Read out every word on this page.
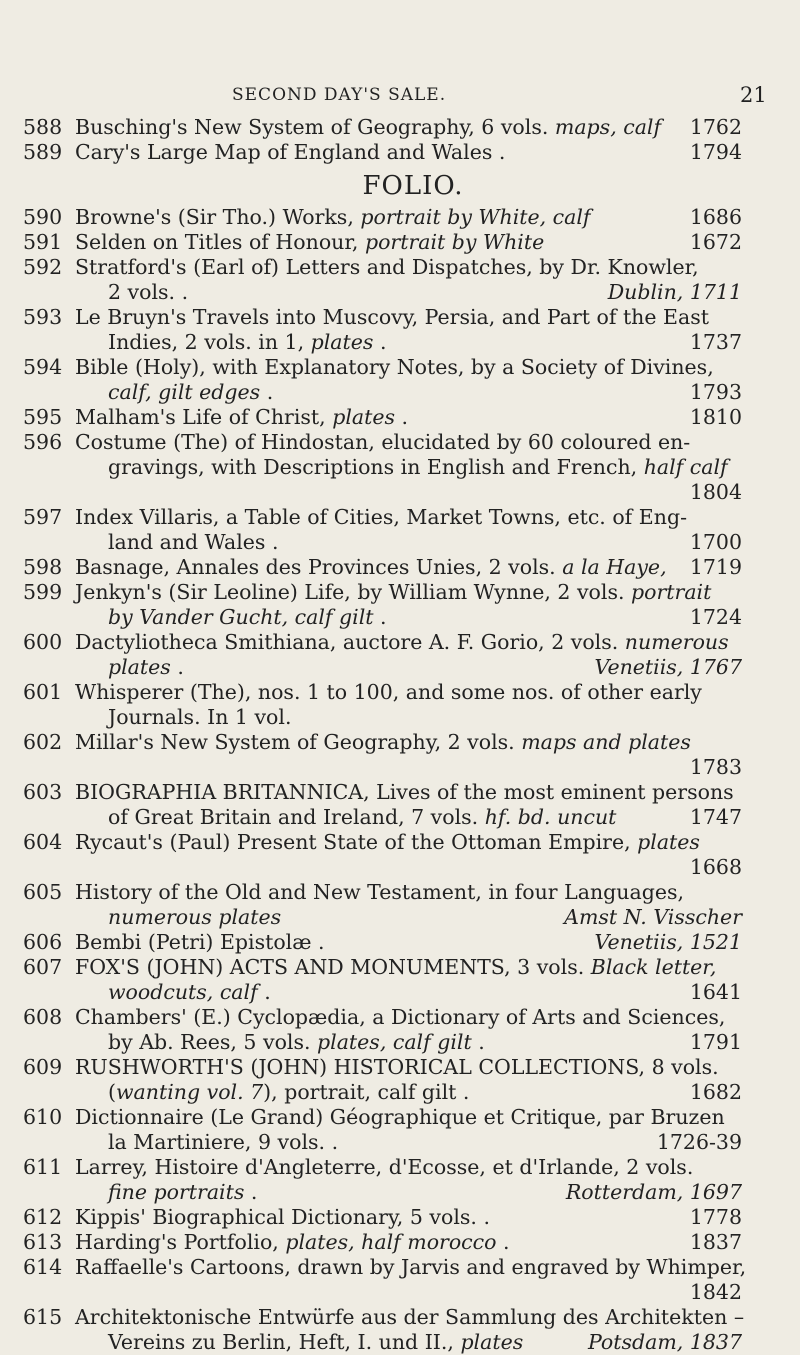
SECOND DAY'S SALE.	21
588 Busching's New System of Geography, 6 vols. maps, calf 1762
589 Cary's Large Map of England and Wales .	1794
FOLIO.
590 Browne's (Sir Tho.) Works, portrait by White, calf	1686
591 Selden on Titles of Honour, portrait by White	1672
592 Stratford's (Earl of) Letters and Dispatches, by Dr. Knowler,
2 vols. .	Dublin, 1711
593 Le Bruyn's Travels into Muscovy, Persia, and Part of the East
Indies, 2 vols. in 1, plates .	1737
594 Bible (Holy), with Explanatory Notes, by a Society of Divines,
calf, gilt edges .	1793
595 Malham's Life of Christ, plates .	1810
596 Costume (The) of Hindostan, elucidated by 60 coloured en-
gravings, with Descriptions in English and French, half calf
1804
597 Index Villaris, a Table of Cities, Market Towns, etc. of Eng-
land and Wales .	1700
598 Basnage, Annales des Provinces Unies, 2 vols. a la Haye, 1719
599 Jenkyn's (Sir Leoline) Life, by William Wynne, 2 vols. portrait
by Vander Gucht, calf gilt .	1724
600 Dactyliotheca Smithiana, auctore A. F. Gorio, 2 vols. numerous
plates .	Venetiis, 1767
601 Whisperer (The), nos. 1 to 100, and some nos. of other early
Journals. In 1 vol.
602 Millar's New System of Geography, 2 vols. maps and plates
1783
603 BIOGRAPHIA BRITANNICA, Lives of the most eminent persons
of Great Britain and Ireland, 7 vols. hf. bd. uncut	1747
604 Rycaut's (Paul) Present State of the Ottoman Empire, plates
1668
605 History of the Old and New Testament, in four Languages,
numerous plates	Amst N. Visscher
606 Bembi (Petri) Epistolæ .	Venetiis, 1521
607 FOX'S (JOHN) ACTS AND MONUMENTS, 3 vols. Black letter,
woodcuts, calf .	1641
608 Chambers' (E.) Cyclopædia, a Dictionary of Arts and Sciences,
by Ab. Rees, 5 vols. plates, calf gilt .	1791
609 RUSHWORTH'S (JOHN) HISTORICAL COLLECTIONS, 8 vols.
(wanting vol. 7), portrait, calf gilt .	1682
610 Dictionnaire (Le Grand) Géographique et Critique, par Bruzen
la Martiniere, 9 vols. .	1726-39
611 Larrey, Histoire d'Angleterre, d'Ecosse, et d'Irlande, 2 vols.
fine portraits .	Rotterdam, 1697
612 Kippis' Biographical Dictionary, 5 vols. .	1778
613 Harding's Portfolio, plates, half morocco .	1837
614 Raffaelle's Cartoons, drawn by Jarvis and engraved by Whimper,
1842
615 Architektonische Entwürfe aus der Sammlung des Architekten –
Vereins zu Berlin, Heft, I. und II., plates	Potsdam, 1837
